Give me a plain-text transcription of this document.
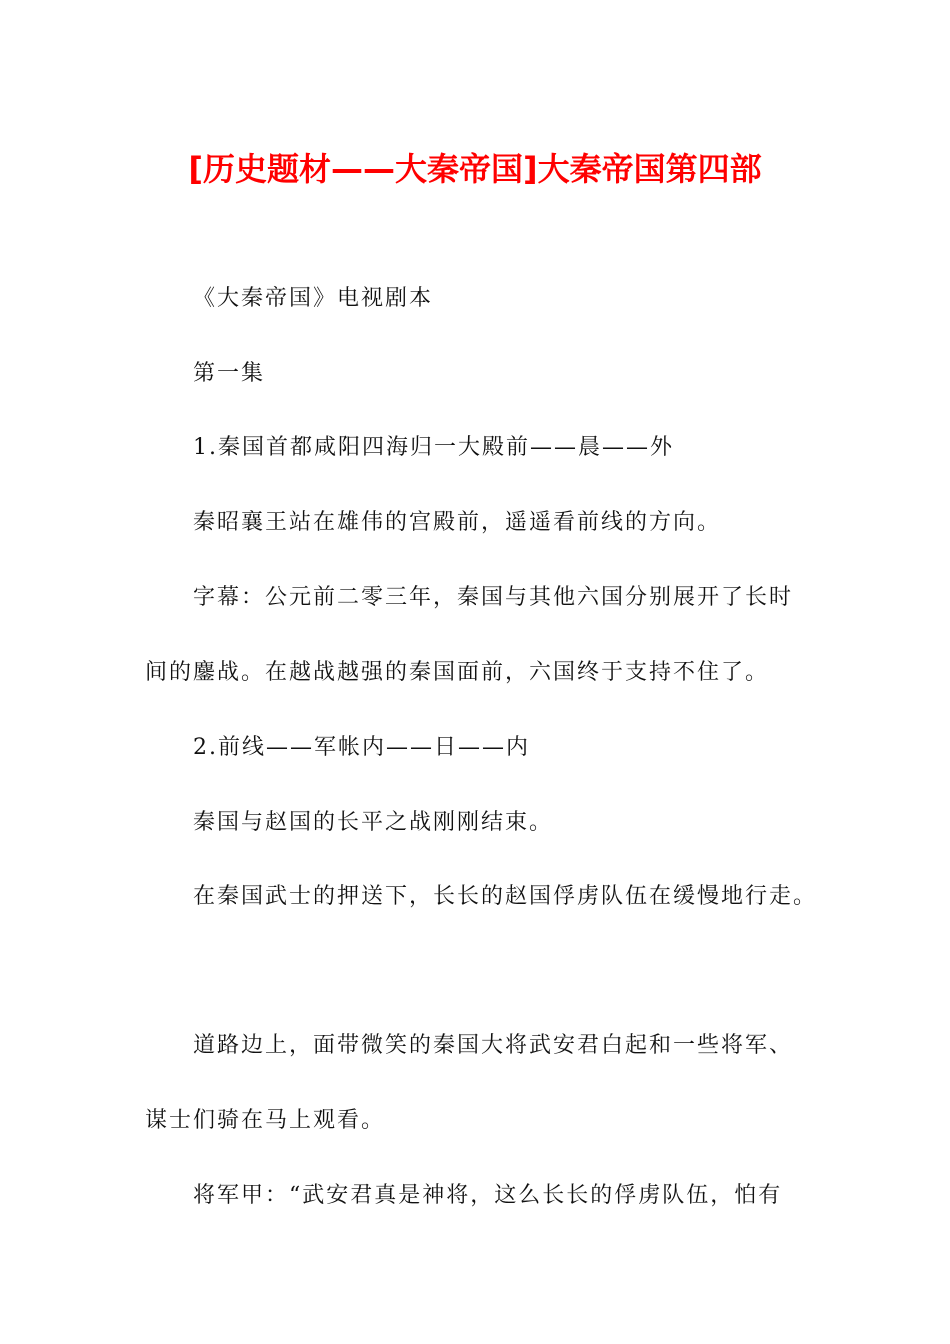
[历史题材——大秦帝国]大秦帝国第四部
《大秦帝国》电视剧本
第一集
1.秦国首都咸阳四海归一大殿前——晨——外
秦昭襄王站在雄伟的宫殿前，遥遥看前线的方向。
字幕：公元前二零三年，秦国与其他六国分别展开了长时
间的鏖战。在越战越强的秦国面前，六国终于支持不住了。
2.前线——军帐内——日——内
秦国与赵国的长平之战刚刚结束。
在秦国武士的押送下，长长的赵国俘虏队伍在缓慢地行走。
道路边上，面带微笑的秦国大将武安君白起和一些将军、
谋士们骑在马上观看。
将军甲：“武安君真是神将，这么长长的俘虏队伍，怕有
